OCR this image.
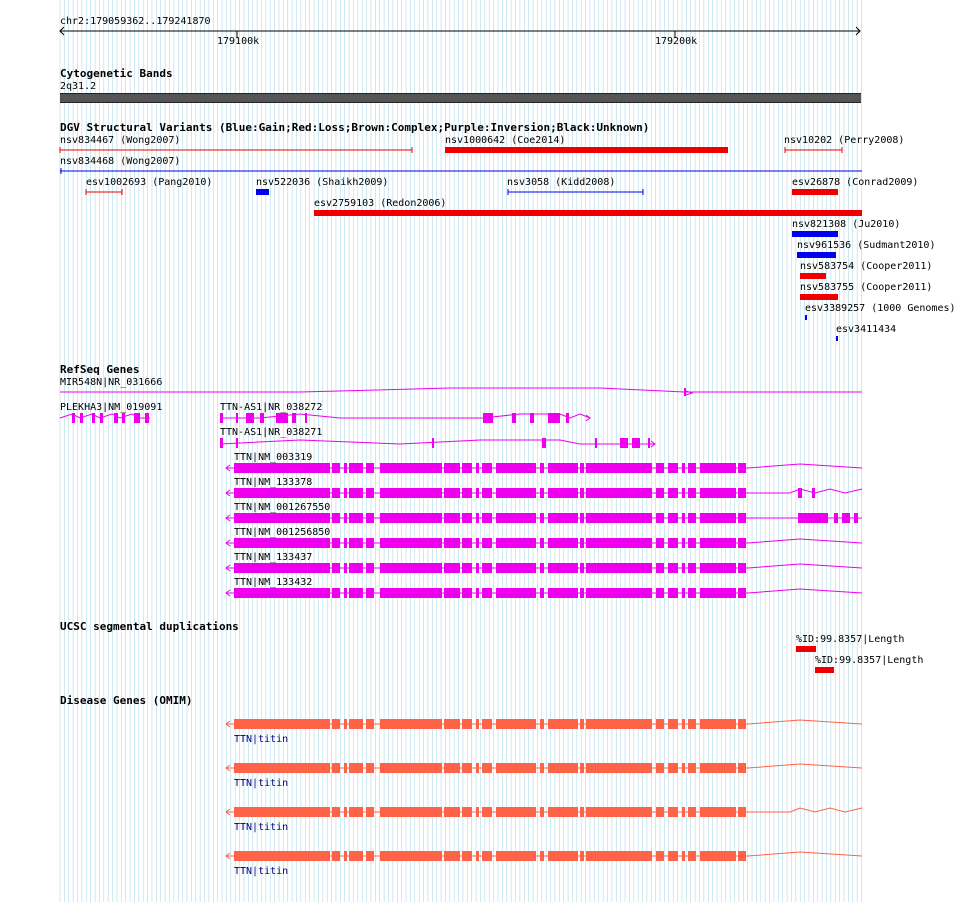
chr2:179059362..179241870
179100k	179200k
Cytogenetic Bands
2q31.2
DGV Structural Variants (Blue:Gain;Red:Loss;Brown:Complex;Purple:Inversion;Black:Unknown)
nsv834467 (Wong2007)	nsv1000642 (Coe2014)	nsv10202 (Perry2008)
nsv834468 (Wong2007)
esv1002693 (Pang2010)	nsv522036 (Shaikh2009)	nsv3058 (Kidd2008)	esv26878 (Conrad2009)
esv2759103 (Redon2006)
nsv821308 (Ju2010)
nsv961536 (Sudmant2010)
nsv583754 (Cooper2011)
nsv583755 (Cooper2011)
esv3389257 (1000 Genomes)
esv3411434
RefSeq Genes
MIR548N|NR_031666
PLEKHA3|NM_019091	TTN-AS1|NR_038272
TTN-AS1|NR_038271
TTN|NM_003319
TTN|NM_133378
TTN|NM_001267550
TTN|NM_001256850
TTN|NM_133437
TTN|NM_133432
UCSC segmental duplications
%ID:99.8357|Length
%ID:99.8357|Length
Disease Genes (OMIM)
TTN|titin
TTN|titin
TTN|titin
TTN|titin
